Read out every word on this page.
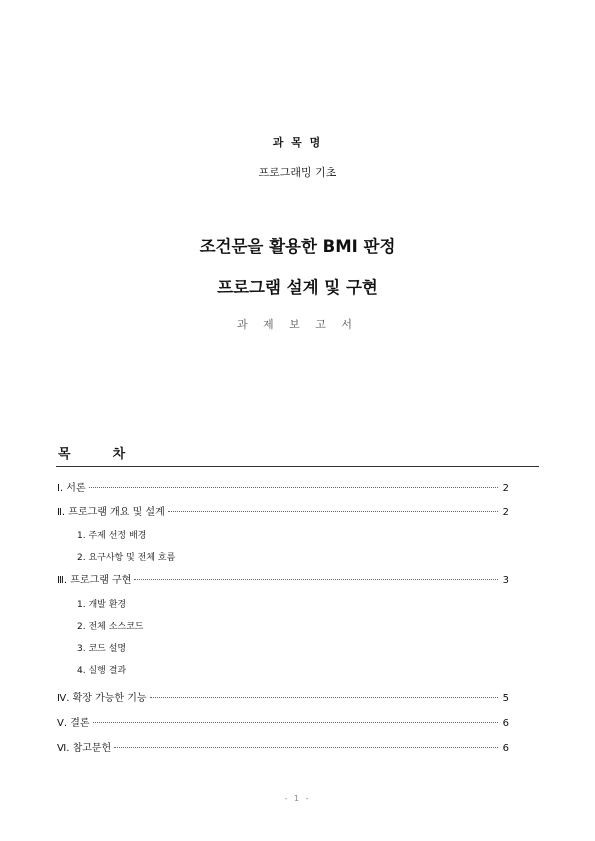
과 목 명
프로그래밍 기초
조건문을 활용한 BMI 판정
프로그램 설계 및 구현
과 제 보 고 서
목	차
Ⅰ. 서론	2
Ⅱ. 프로그램 개요 및 설계	2
1. 주제 선정 배경
2. 요구사항 및 전체 흐름
Ⅲ. 프로그램 구현	3
1. 개발 환경
2. 전체 소스코드
3. 코드 설명
4. 실행 결과
Ⅳ. 확장 가능한 기능	5
Ⅴ. 결론	6
Ⅵ. 참고문헌	6
- 1 -
